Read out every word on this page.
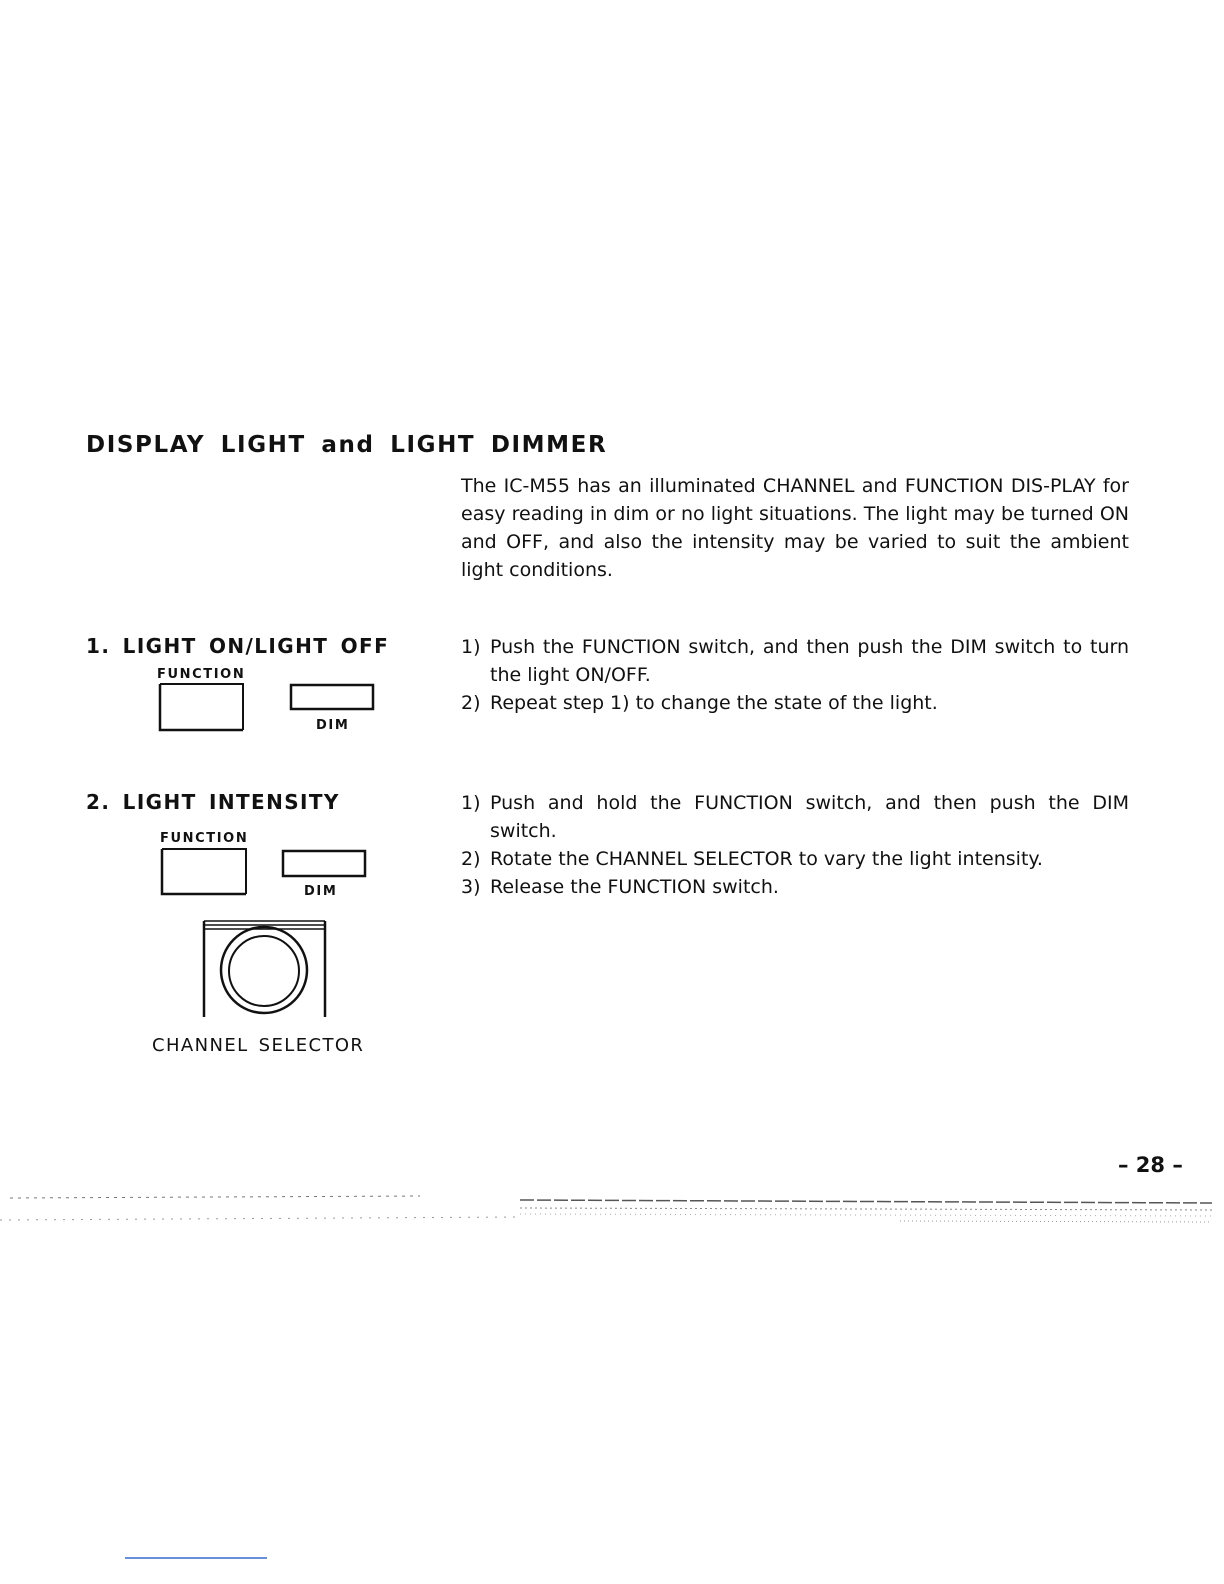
DISPLAY LIGHT and LIGHT DIMMER

The IC-M55 has an illuminated CHANNEL and FUNCTION DIS-PLAY for easy reading in dim or no light situations. The light may be turned ON and OFF, and also the intensity may be varied to suit the ambient light conditions.

1. LIGHT ON/LIGHT OFF
FUNCTION
DIM
1) Push the FUNCTION switch, and then push the DIM switch to turn the light ON/OFF.
2) Repeat step 1) to change the state of the light.
2. LIGHT INTENSITY
FUNCTION
DIM
CHANNEL SELECTOR
1) Push and hold the FUNCTION switch, and then push the DIM switch.
2) Rotate the CHANNEL SELECTOR to vary the light intensity.
3) Release the FUNCTION switch.
– 28 –
